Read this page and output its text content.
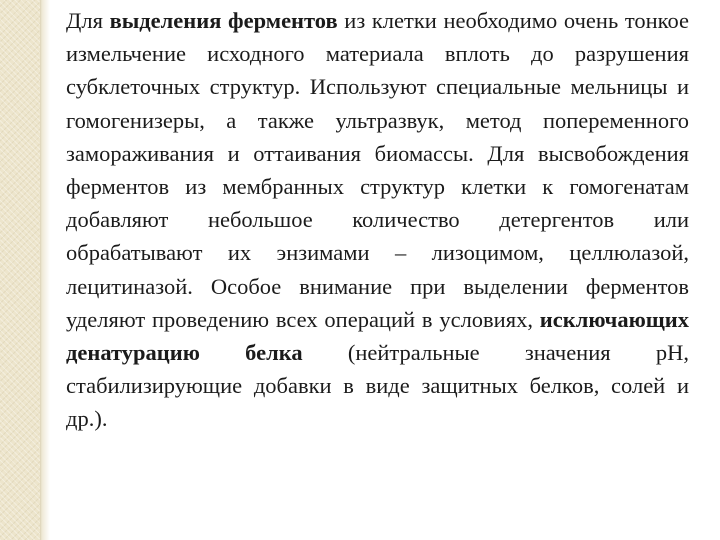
Для выделения ферментов из клетки необходимо очень тонкое измельчение исходного материала вплоть до разрушения субклеточных структур. Используют специальные мельницы и гомогенизеры, а также ультразвук, метод попеременного замораживания и оттаивания биомассы. Для высвобождения ферментов из мембранных структур клетки к гомогенатам добавляют небольшое количество детергентов или обрабатывают их энзимами – лизоцимом, целлюлазой, лецитиназой. Особое внимание при выделении ферментов уделяют проведению всех операций в условиях, исключающих денатурацию белка (нейтральные значения рН, стабилизирующие добавки в виде защитных белков, солей и др.).
